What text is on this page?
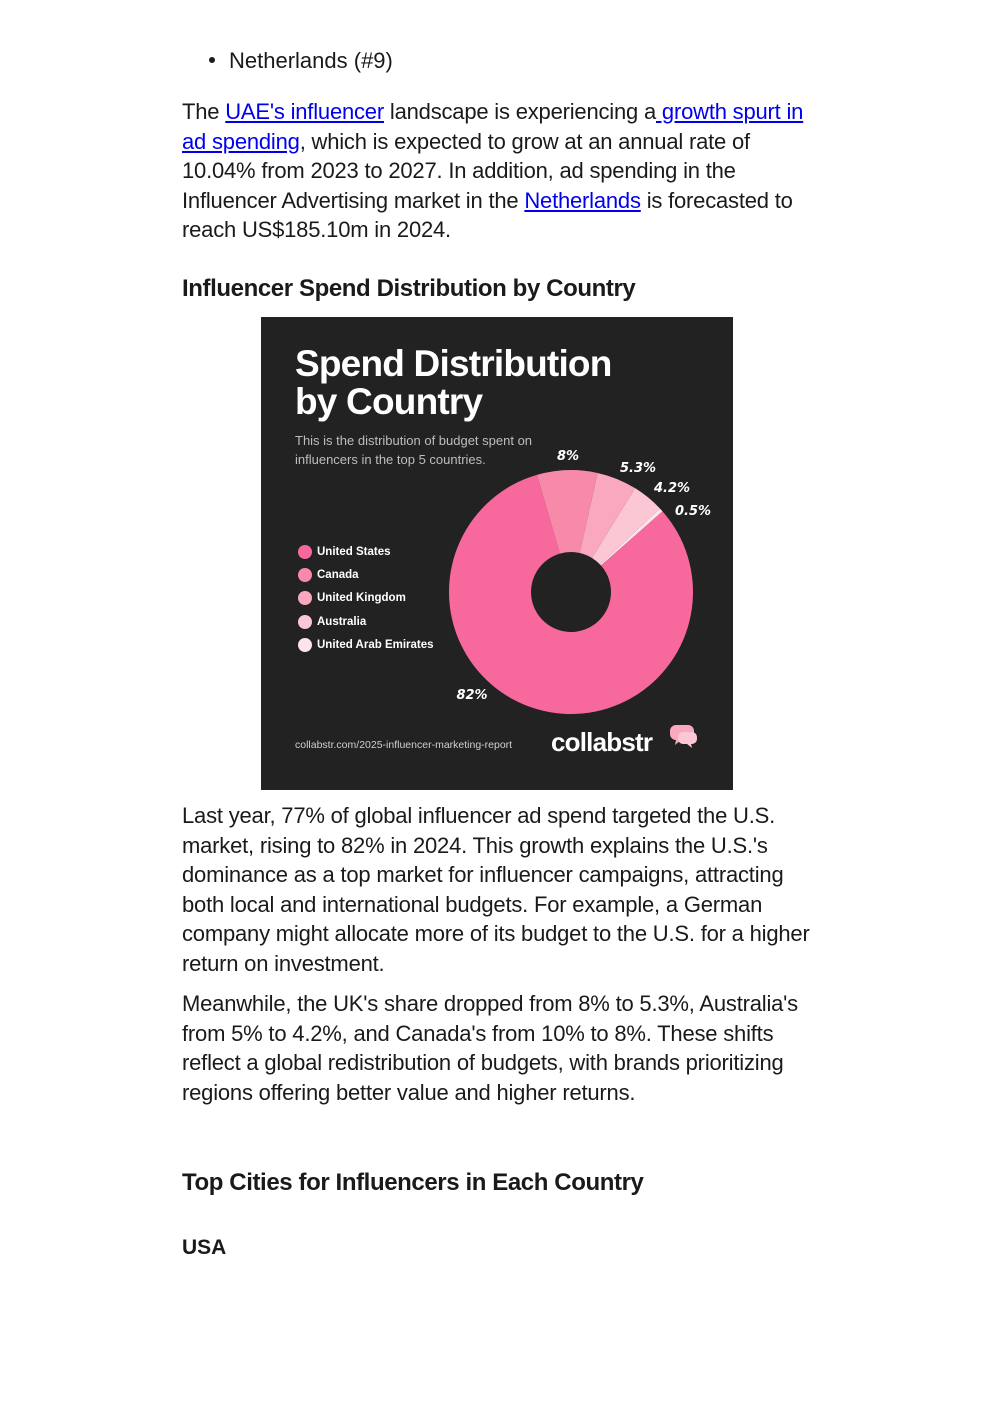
Netherlands (#9)

The UAE's influencer landscape is experiencing a growth spurt in ad spending, which is expected to grow at an annual rate of 10.04% from 2023 to 2027. In addition, ad spending in the Influencer Advertising market in the Netherlands is forecasted to reach US$185.10m in 2024.

Influencer Spend Distribution by Country
Spend Distribution by Country
This is the distribution of budget spent on influencers in the top 5 countries.
United States
Canada
United Kingdom
Australia
United Arab Emirates
82%
8%
5.3%
4.2%
0.5%
collabstr.com/2025-influencer-marketing-report collabstr

Last year, 77% of global influencer ad spend targeted the U.S. market, rising to 82% in 2024. This growth explains the U.S.'s dominance as a top market for influencer campaigns, attracting both local and international budgets. For example, a German company might allocate more of its budget to the U.S. for a higher return on investment.

Meanwhile, the UK's share dropped from 8% to 5.3%, Australia's from 5% to 4.2%, and Canada's from 10% to 8%. These shifts reflect a global redistribution of budgets, with brands prioritizing regions offering better value and higher returns.

Top Cities for Influencers in Each Country
USA
